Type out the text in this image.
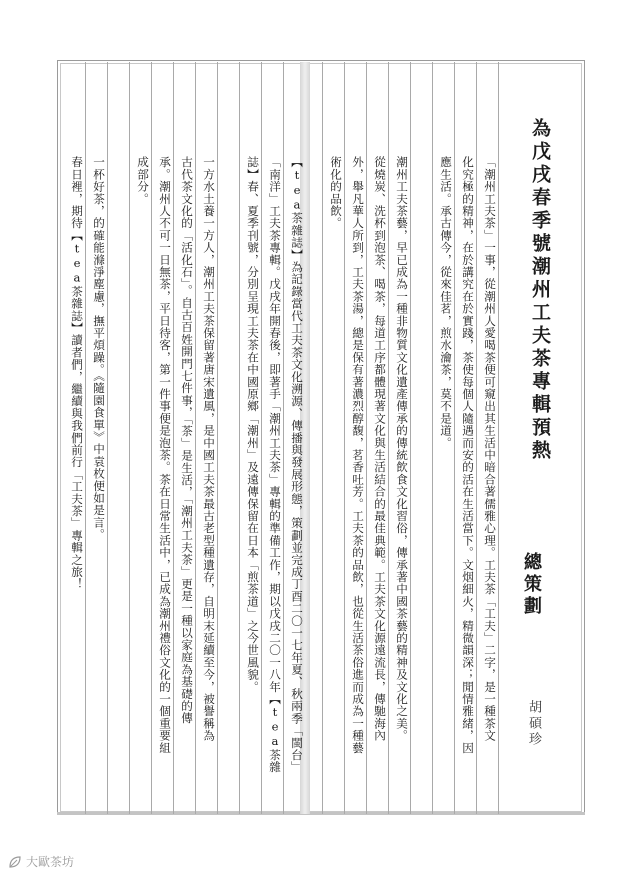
為戊戌春季號潮州工夫茶專輯預熱
總策劃
胡碩珍
「潮州工夫茶」一事，從潮州人愛喝茶便可窺出其生活中暗合著儒雅心理。工夫茶「工夫」二字，是一種茶文
化究極的精神，在於講究在於實踐，茶使每個人隨遇而安的活在生活當下。文烟細火，精微韻深；閒情雅緒，因
應生活。承古傳今，從來佳茗，煎水瀹茶，莫不是道。
潮州工夫茶藝，早已成為一種非物質文化遺產傳承的傳統飲食文化習俗，傳承著中國茶藝的精神及文化之美。
從燒炭、洗杯到泡茶、喝茶，每道工序都體現著文化與生活結合的最佳典範。工夫茶文化源遠流長，傳馳海內
外，舉凡華人所到，工夫茶湯，總是保有著濃烈醇馥，茗香吐芳。工夫茶的品飲，也從生活茶俗進而成為一種藝
術化的品飲。
【tea茶雜誌】為記錄當代工夫茶文化溯源、傳播與發展形態，策劃並完成丁酉二〇一七年夏、秋兩季「閩台」
「南洋」工夫茶專輯。戊戌年開春後，即著手「潮州工夫茶」專輯的準備工作，期以戊戌二〇一八年【tea茶雜
誌】春、夏季刊號，分別呈現工夫茶在中國原鄉「潮州」及遠傳保留在日本「煎茶道」之今世風貌。
一方水土養一方人，潮州工夫茶保留著唐宋遺風，是中國工夫茶最古老型種遺存，自明末延續至今，被譽稱為
古代茶文化的「活化石」。自古百姓開門七件事，「茶」是生活，「潮州工夫茶」更是一種以家庭為基礎的傳
承。潮州人不可一日無茶，平日待客，第一件事便是泡茶。茶在日常生活中，已成為潮州禮俗文化的一個重要組
成部分。
一杯好茶，的確能滌淨塵慮，撫平煩躁。《隨園食單》中袁枚便如是言。
春日裡，期待【tea茶雜誌】讀者們，繼續與我們前行「工夫茶」專輯之旅！
大歐茶坊
